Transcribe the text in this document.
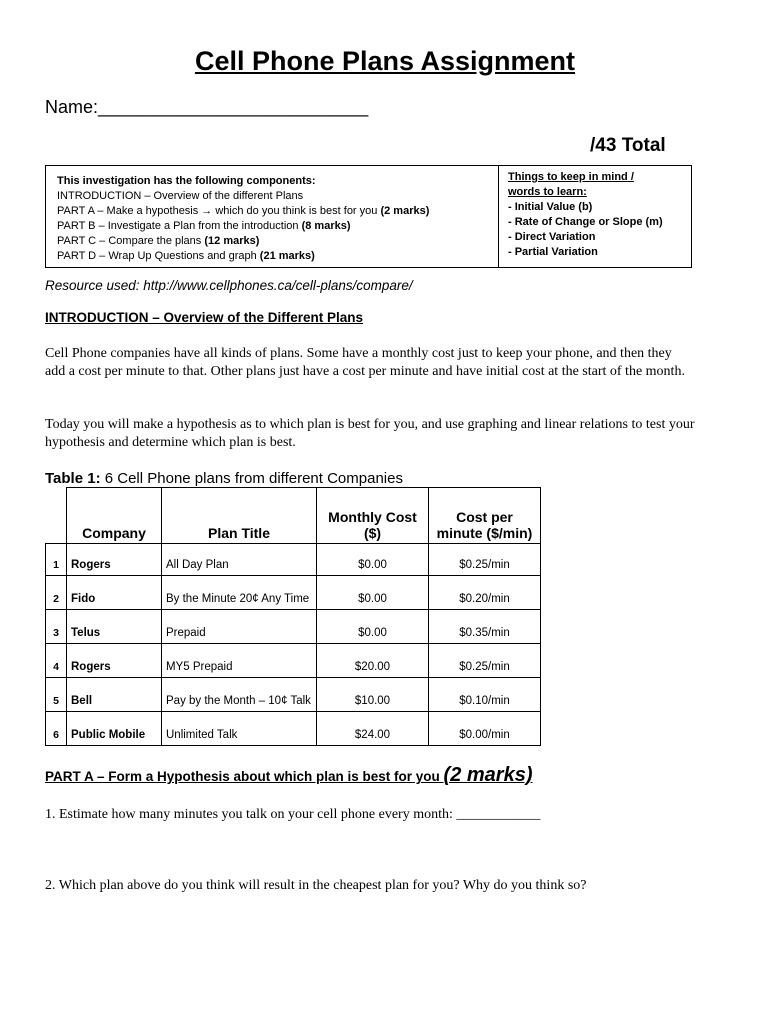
Cell Phone Plans Assignment
Name:___________________________
/43 Total
This investigation has the following components:
INTRODUCTION – Overview of the different Plans
PART A – Make a hypothesis → which do you think is best for you (2 marks)
PART B – Investigate a Plan from the introduction (8 marks)
PART C – Compare the plans (12 marks)
PART D – Wrap Up Questions and graph (21 marks)
Things to keep in mind /
words to learn:
- Initial Value (b)
- Rate of Change or Slope (m)
- Direct Variation
- Partial Variation
Resource used: http://www.cellphones.ca/cell-plans/compare/
INTRODUCTION – Overview of the Different Plans
Cell Phone companies have all kinds of plans. Some have a monthly cost just to keep your phone, and then they add a cost per minute to that. Other plans just have a cost per minute and have initial cost at the start of the month.
Today you will make a hypothesis as to which plan is best for you, and use graphing and linear relations to test your hypothesis and determine which plan is best.
Table 1: 6 Cell Phone plans from different Companies
	Company	Plan Title	Monthly Cost ($)	Cost per minute ($/min)
1	Rogers	All Day Plan	$0.00	$0.25/min
2	Fido	By the Minute 20¢ Any Time	$0.00	$0.20/min
3	Telus	Prepaid	$0.00	$0.35/min
4	Rogers	MY5 Prepaid	$20.00	$0.25/min
5	Bell	Pay by the Month – 10¢ Talk	$10.00	$0.10/min
6	Public Mobile	Unlimited Talk	$24.00	$0.00/min
PART A – Form a Hypothesis about which plan is best for you (2 marks)
1. Estimate how many minutes you talk on your cell phone every month: ____________
2. Which plan above do you think will result in the cheapest plan for you? Why do you think so?
